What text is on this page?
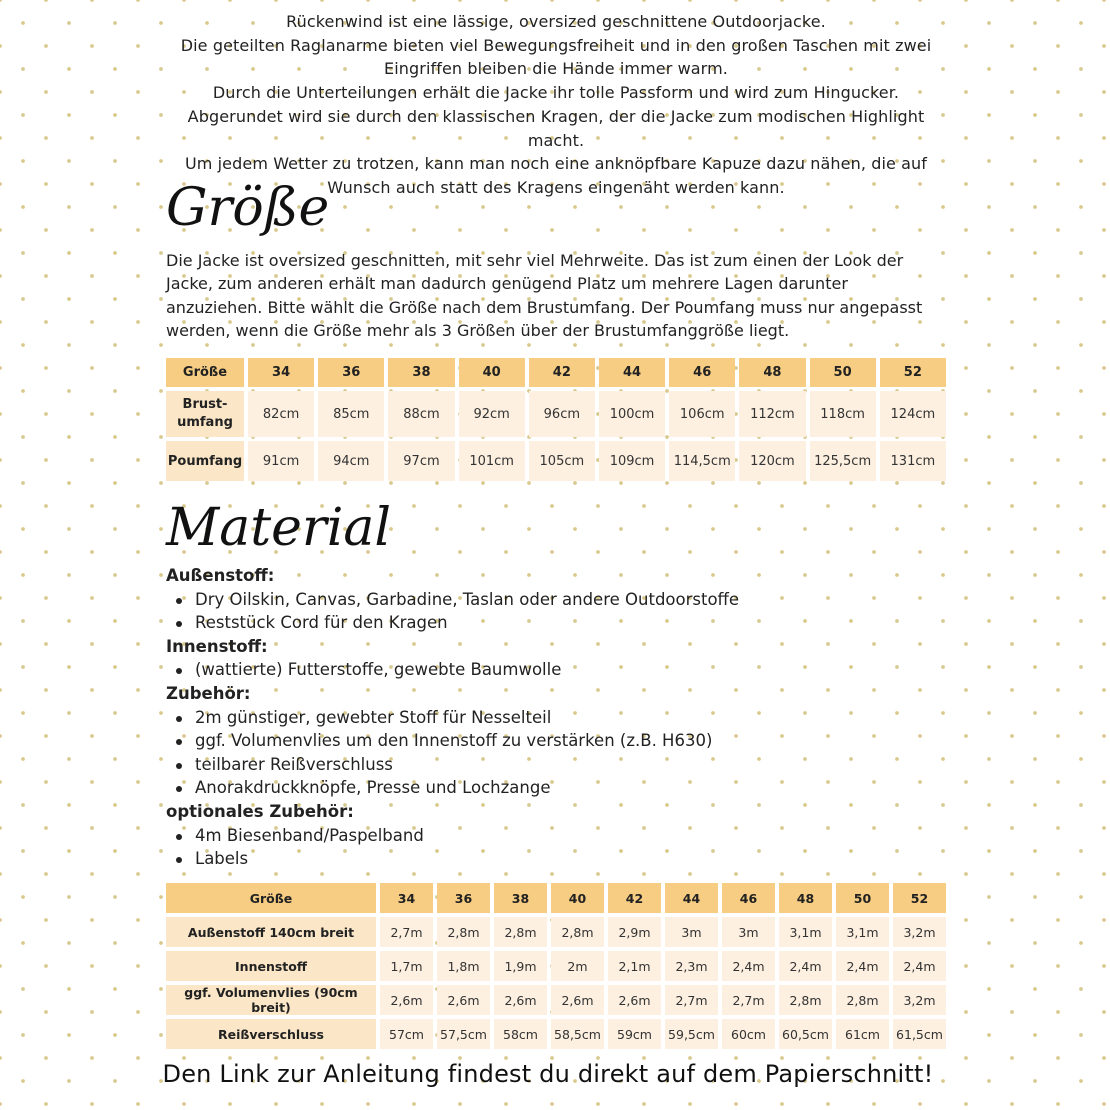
Rückenwind ist eine lässige, oversized geschnittene Outdoorjacke.

Die geteilten Raglanarme bieten viel Bewegungsfreiheit und in den großen Taschen mit zwei Eingriffen bleiben die Hände immer warm.

Durch die Unterteilungen erhält die Jacke ihr tolle Passform und wird zum Hingucker.

Abgerundet wird sie durch den klassischen Kragen, der die Jacke zum modischen Highlight macht.

Um jedem Wetter zu trotzen, kann man noch eine anknöpfbare Kapuze dazu nähen, die auf Wunsch auch statt des Kragens eingenäht werden kann.

Größe

Die Jacke ist oversized geschnitten, mit sehr viel Mehrweite. Das ist zum einen der Look der Jacke, zum anderen erhält man dadurch genügend Platz um mehrere Lagen darunter anzuziehen. Bitte wählt die Größe nach dem Brustumfang. Der Poumfang muss nur angepasst werden, wenn die Größe mehr als 3 Größen über der Brustumfanggröße liegt.

Größe	34	36	38	40	42	44	46	48	50	52
Brust-
umfang	82cm	85cm	88cm	92cm	96cm	100cm	106cm	112cm	118cm	124cm
Poumfang	91cm	94cm	97cm	101cm	105cm	109cm	114,5cm	120cm	125,5cm	131cm
Material

Außenstoff:

Dry Oilskin, Canvas, Garbadine, Taslan oder andere Outdoorstoffe
Reststück Cord für den Kragen

Innenstoff:

(wattierte) Futterstoffe, gewebte Baumwolle

Zubehör:

2m günstiger, gewebter Stoff für Nesselteil
ggf. Volumenvlies um den Innenstoff zu verstärken (z.B. H630)
teilbarer Reißverschluss
Anorakdruckknöpfe, Presse und Lochzange

optionales Zubehör:

4m Biesenband/Paspelband
Labels
Größe	34	36	38	40	42	44	46	48	50	52
Außenstoff 140cm breit	2,7m	2,8m	2,8m	2,8m	2,9m	3m	3m	3,1m	3,1m	3,2m
Innenstoff	1,7m	1,8m	1,9m	2m	2,1m	2,3m	2,4m	2,4m	2,4m	2,4m
ggf. Volumenvlies (90cm breit)	2,6m	2,6m	2,6m	2,6m	2,6m	2,7m	2,7m	2,8m	2,8m	3,2m
Reißverschluss	57cm	57,5cm	58cm	58,5cm	59cm	59,5cm	60cm	60,5cm	61cm	61,5cm
Den Link zur Anleitung findest du direkt auf dem Papierschnitt!
